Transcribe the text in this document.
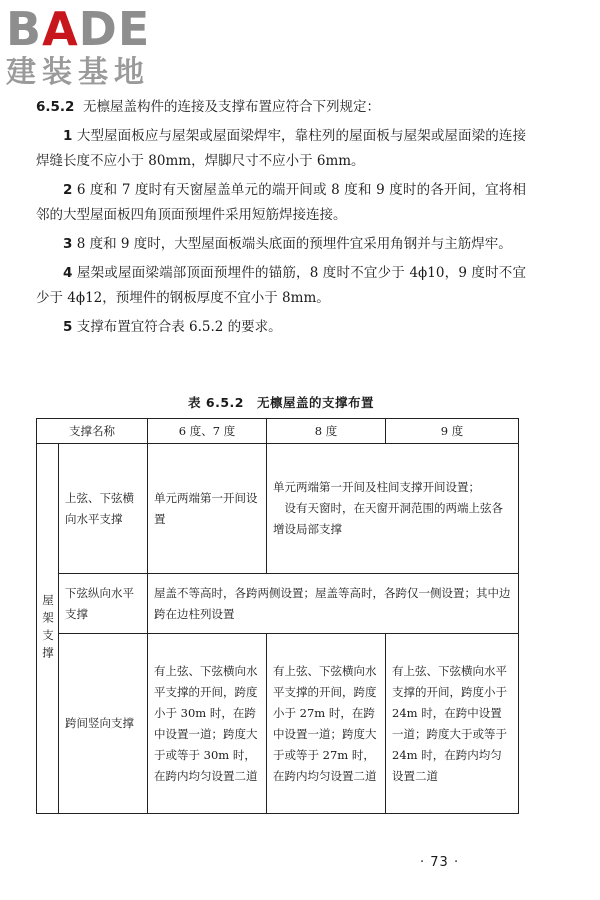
BADE
建装基地

6.5.2 无檩屋盖构件的连接及支撑布置应符合下列规定：

1 大型屋面板应与屋架或屋面梁焊牢，靠柱列的屋面板与屋架或屋面梁的连接焊缝长度不应小于 80mm，焊脚尺寸不应小于 6mm。

2 6 度和 7 度时有天窗屋盖单元的端开间或 8 度和 9 度时的各开间，宜将相邻的大型屋面板四角顶面预埋件采用短筋焊接连接。

3 8 度和 9 度时，大型屋面板端头底面的预埋件宜采用角钢并与主筋焊牢。

4 屋架或屋面梁端部顶面预埋件的锚筋，8 度时不宜少于 4ϕ10，9 度时不宜少于 4ϕ12，预埋件的钢板厚度不宜小于 8mm。

5 支撑布置宜符合表 6.5.2 的要求。

表 6.5.2　无檩屋盖的支撑布置
支撑名称		6 度、7 度	8 度	9 度
屋架支撑	上弦、下弦横向水平支撑	单元两端第一开间设置	单元两端第一开间及柱间支撑开间设置；

设有天窗时，在天窗开洞范围的两端上弦各增设局部支撑	

	下弦纵向水平支撑	屋盖不等高时，各跨两侧设置；屋盖等高时，各跨仅一侧设置；其中边跨在边柱列设置		
	跨间竖向支撑	有上弦、下弦横向水平支撑的开间，跨度小于 30m 时，在跨中设置一道；跨度大于或等于 30m 时，在跨内均匀设置二道	有上弦、下弦横向水平支撑的开间，跨度小于 27m 时，在跨中设置一道；跨度大于或等于 27m 时，在跨内均匀设置二道	有上弦、下弦横向水平支撑的开间，跨度小于 24m 时，在跨中设置一道；跨度大于或等于 24m 时，在跨内均匀设置二道
· 73 ·
